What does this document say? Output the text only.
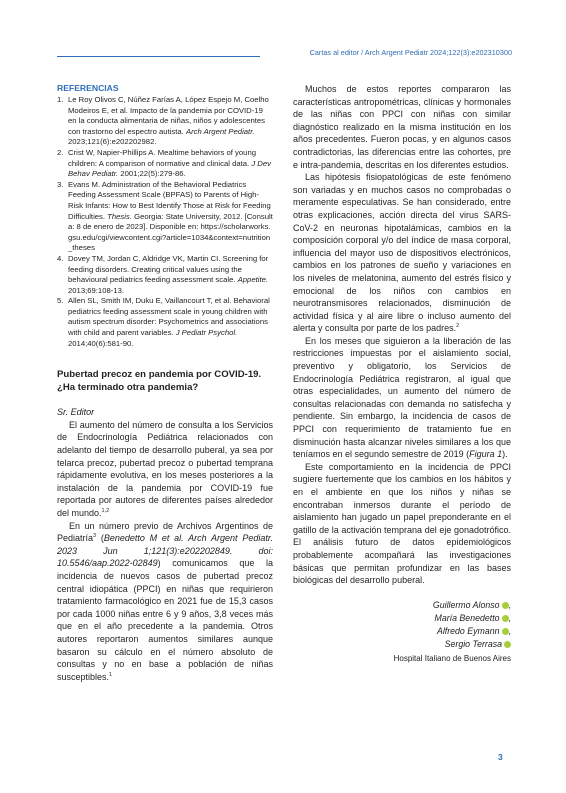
Cartas al editor / Arch Argent Pediatr 2024;122(3):e202310300
REFERENCIAS
1. Le Roy Olivos C, Núñez Farías A, López Espejo M, Coelho Modeiros E, et al. Impacto de la pandemia por COVID-19 en la conducta alimentaria de niñas, niños y adolescentes con trastorno del espectro autista. Arch Argent Pediatr. 2023;121(6):e202202982.
2. Crist W, Napier-Phillips A. Mealtime behaviors of young children: A comparison of normative and clinical data. J Dev Behav Pediatr. 2001;22(5):279-86.
3. Evans M. Administration of the Behavioral Pediatrics Feeding Assessment Scale (BPFAS) to Parents of High-Risk Infants: How to Best Identify Those at Risk for Feeding Difficulties. Thesis. Georgia: State University, 2012. [Consulta: 8 de enero de 2023]. Disponible en: https://scholarworks.gsu.edu/cgi/viewcontent.cgi?article=1034&context=nutrition_theses
4. Dovey TM, Jordan C, Aldridge VK, Martin CI. Screening for feeding disorders. Creating critical values using the behavioural pediatrics feeding assessment scale. Appetite. 2013;69:108-13.
5. Allen SL, Smith IM, Duku E, Vaillancourt T, et al. Behavioral pediatrics feeding assessment scale in young children with autism spectrum disorder: Psychometrics and associations with child and parent variables. J Pediatr Psychol. 2014;40(6):581-90.
Pubertad precoz en pandemia por COVID-19. ¿Ha terminado otra pandemia?
Sr. Editor

El aumento del número de consulta a los Servicios de Endocrinología Pediátrica relacionados con adelanto del tiempo de desarrollo puberal, ya sea por telarca precoz, pubertad precoz o pubertad temprana rápidamente evolutiva, en los meses posteriores a la instalación de la pandemia por COVID-19 fue reportada por autores de diferentes países alrededor del mundo.$^{1,2}$

En un número previo de Archivos Argentinos de Pediatría$^3$ (Benedetto M et al. Arch Argent Pediatr. 2023 Jun 1;121(3):e202202849. doi: 10.5546/aap.2022-02849) comunicamos que la incidencia de nuevos casos de pubertad precoz central idiopática (PPCI) en niñas que requirieron tratamiento farmacológico en 2021 fue de 15,3 casos por cada 1000 niñas entre 6 y 9 años, 3,8 veces más que en el año precedente a la pandemia. Otros autores reportaron aumentos similares aunque basaron su cálculo en el número absoluto de consultas y no en base a población de niñas susceptibles.$^1$

Muchos de estos reportes compararon las características antropométricas, clínicas y hormonales de las niñas con PPCI con niñas con similar diagnóstico realizado en la misma institución en los años precedentes. Fueron pocas, y en algunos casos contradictorias, las diferencias entre las cohortes, pre e intra-pandemia, descritas en los diferentes estudios.

Las hipótesis fisiopatológicas de este fenómeno son variadas y en muchos casos no comprobadas o meramente especulativas. Se han considerado, entre otras explicaciones, acción directa del virus SARS-CoV-2 en neuronas hipotalámicas, cambios en la composición corporal y/o del índice de masa corporal, influencia del mayor uso de dispositivos electrónicos, cambios en los patrones de sueño y variaciones en los niveles de melatonina, aumento del estrés físico y emocional de los niños con cambios en neurotransmisores relacionados, disminución de actividad física y al aire libre o incluso aumento del alerta y consulta por parte de los padres.$^2$

En los meses que siguieron a la liberación de las restricciones impuestas por el aislamiento social, preventivo y obligatorio, los Servicios de Endocrinología Pediátrica registraron, al igual que otras especialidades, un aumento del número de consultas relacionadas con demanda no satisfecha y pendiente. Sin embargo, la incidencia de casos de PPCI con requerimiento de tratamiento fue en disminución hasta alcanzar niveles similares a los que teníamos en el segundo semestre de 2019 (Figura 1).

Este comportamiento en la incidencia de PPCI sugiere fuertemente que los cambios en los hábitos y en el ambiente en que los niños y niñas se encontraban inmersos durante el período de aislamiento han jugado un papel preponderante en el gatillo de la activación temprana del eje gonadotrófico. El análisis futuro de datos epidemiológicos probablemente acompañará las investigaciones básicas que permitan profundizar en las bases biológicas del desarrollo puberal.

Guillermo Alonso ,
María Benedetto ,
Alfredo Eymann ,
Sergio Terrasa
Hospital Italiano de Buenos Aires
3
